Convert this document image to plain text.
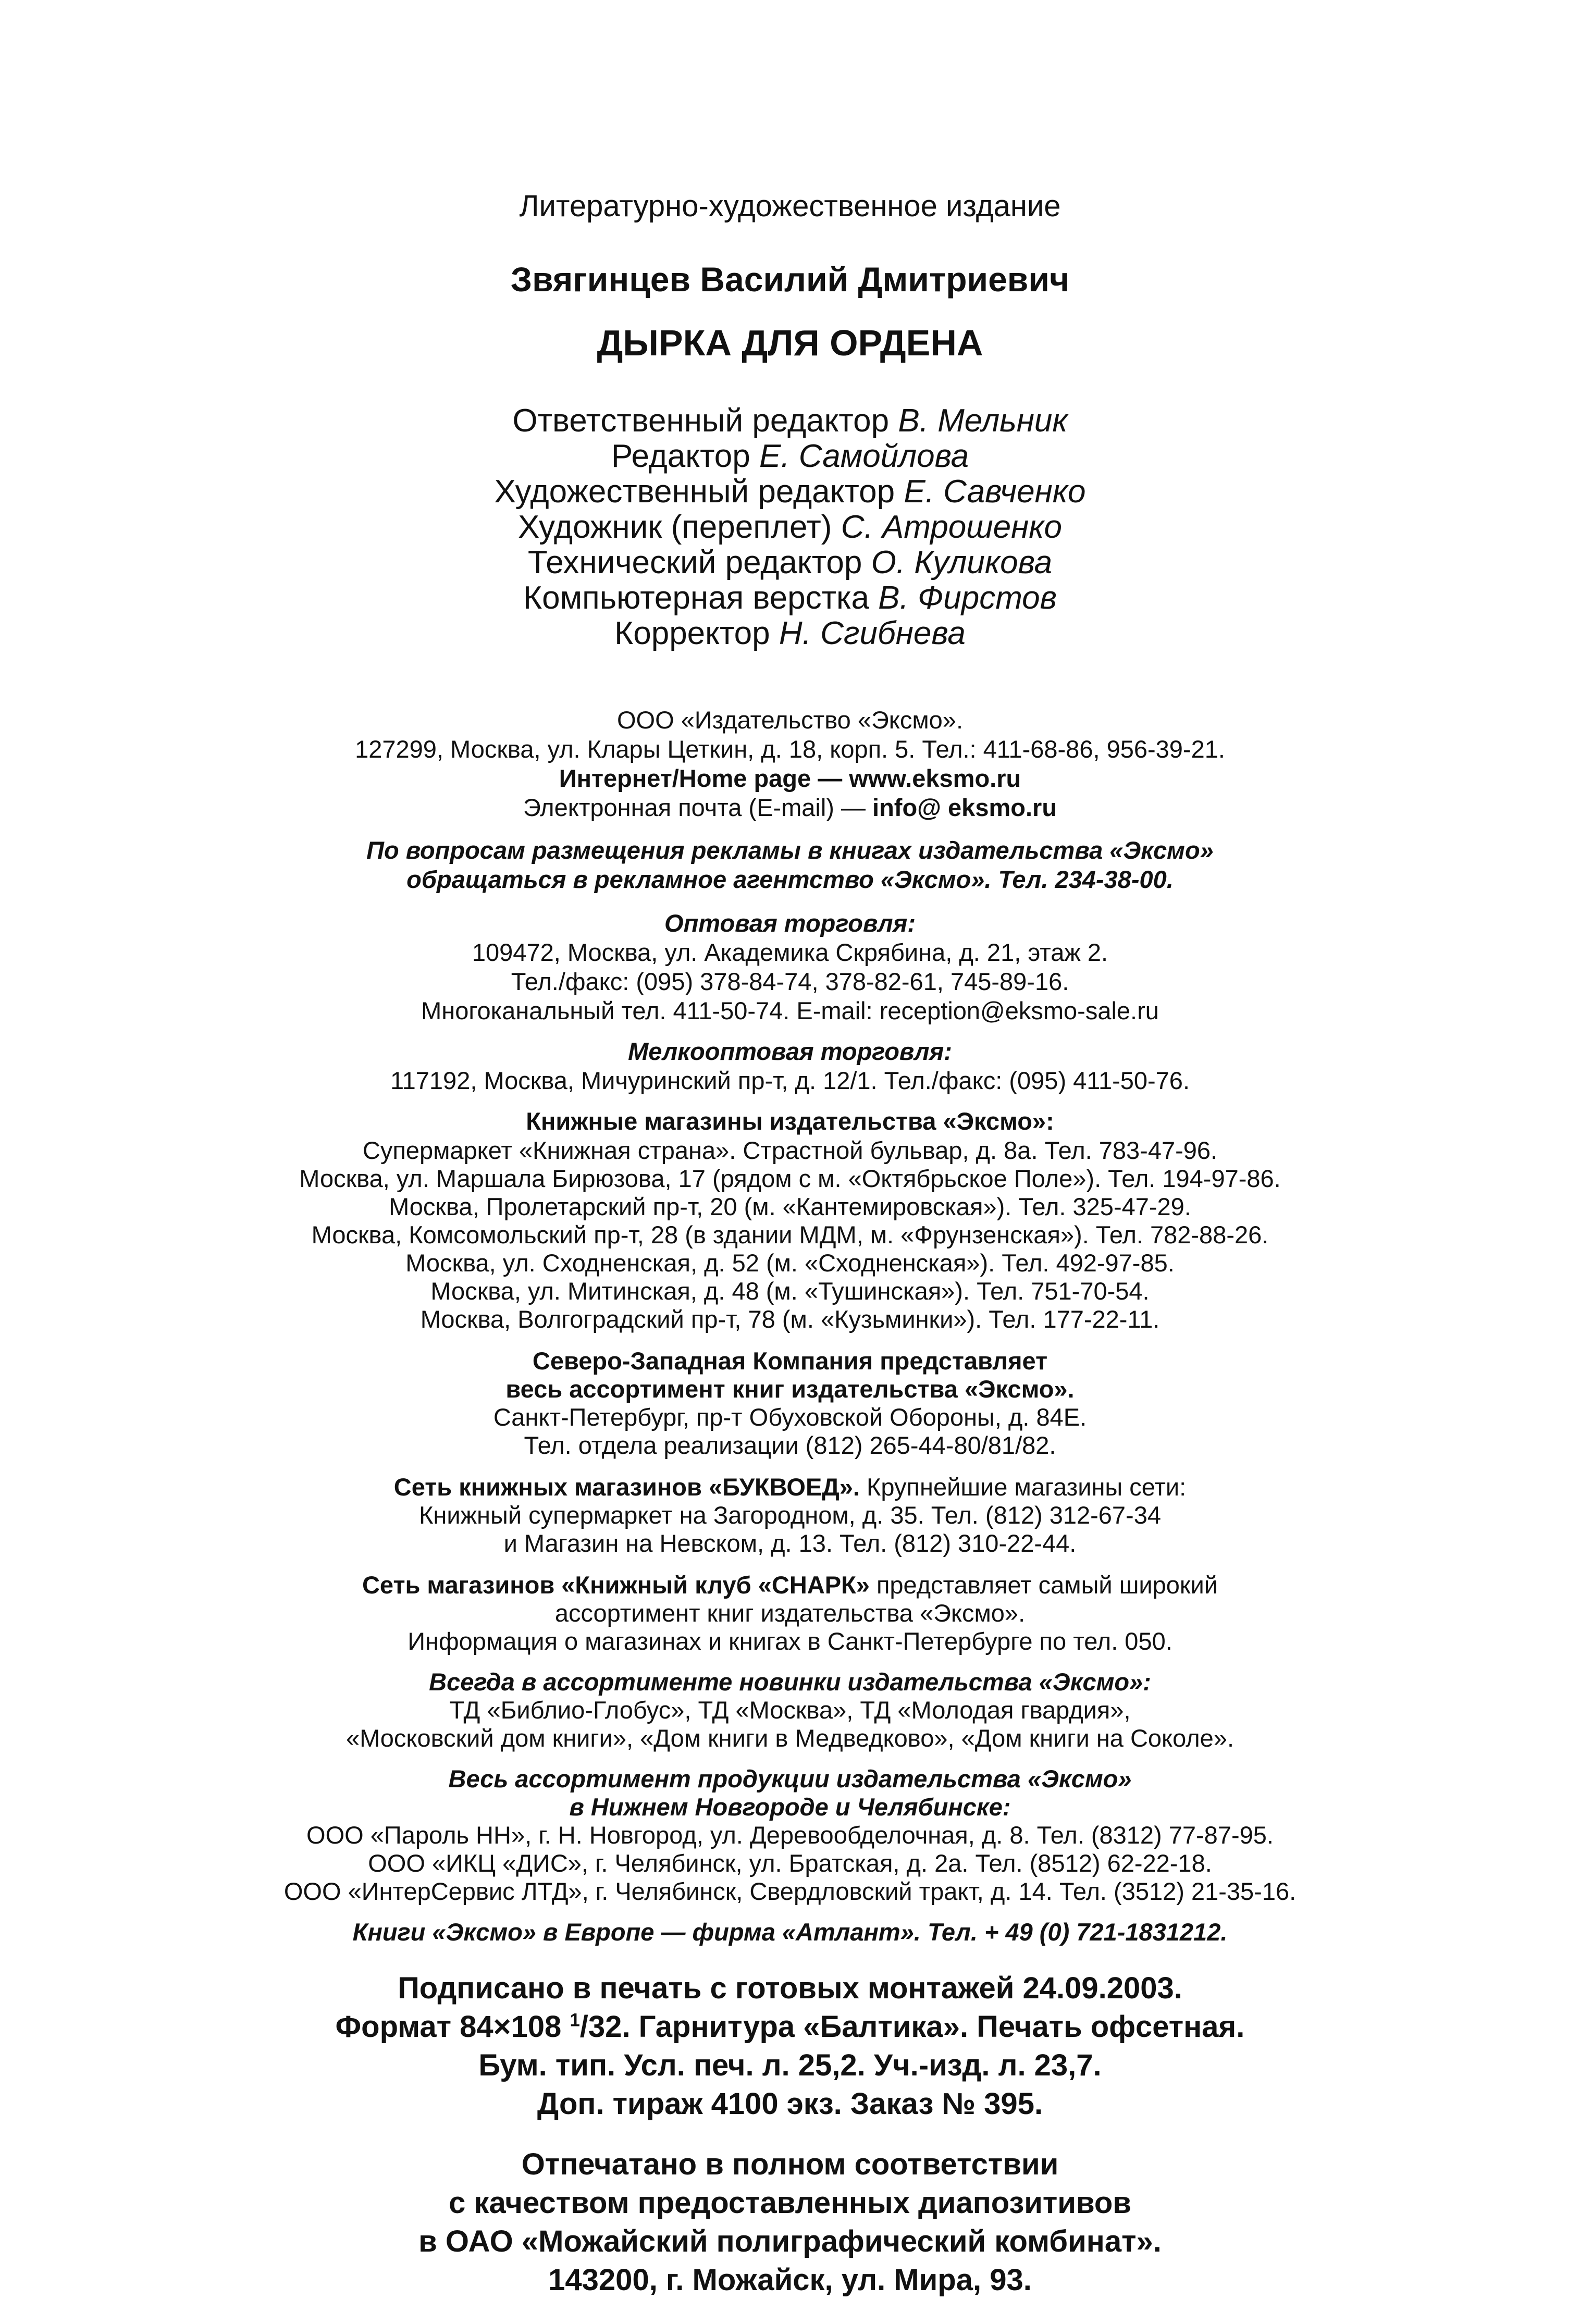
Литературно-художественное издание
Звягинцев Василий Дмитриевич
ДЫРКА ДЛЯ ОРДЕНА
Ответственный редактор В. Мельник
Редактор Е. Самойлова
Художественный редактор Е. Савченко
Художник (переплет) С. Атрошенко
Технический редактор О. Куликова
Компьютерная верстка В. Фирстов
Корректор Н. Сгибнева
ООО «Издательство «Эксмо».
127299, Москва, ул. Клары Цеткин, д. 18, корп. 5. Тел.: 411-68-86, 956-39-21.
Интернет/Home page — www.eksmo.ru
Электронная почта (E-mail) — info@ eksmo.ru
По вопросам размещения рекламы в книгах издательства «Эксмо»
обращаться в рекламное агентство «Эксмо». Тел. 234-38-00.
Оптовая торговля:
109472, Москва, ул. Академика Скрябина, д. 21, этаж 2.
Тел./факс: (095) 378-84-74, 378-82-61, 745-89-16.
Многоканальный тел. 411-50-74. E-mail: reception@eksmo-sale.ru
Мелкооптовая торговля:
117192, Москва, Мичуринский пр-т, д. 12/1. Тел./факс: (095) 411-50-76.
Книжные магазины издательства «Эксмо»:
Супермаркет «Книжная страна». Страстной бульвар, д. 8а. Тел. 783-47-96.
Москва, ул. Маршала Бирюзова, 17 (рядом с м. «Октябрьское Поле»). Тел. 194-97-86.
Москва, Пролетарский пр-т, 20 (м. «Кантемировская»). Тел. 325-47-29.
Москва, Комсомольский пр-т, 28 (в здании МДМ, м. «Фрунзенская»). Тел. 782-88-26.
Москва, ул. Сходненская, д. 52 (м. «Сходненская»). Тел. 492-97-85.
Москва, ул. Митинская, д. 48 (м. «Тушинская»). Тел. 751-70-54.
Москва, Волгоградский пр-т, 78 (м. «Кузьминки»). Тел. 177-22-11.
Северо-Западная Компания представляет
весь ассортимент книг издательства «Эксмо».
Санкт-Петербург, пр-т Обуховской Обороны, д. 84Е.
Тел. отдела реализации (812) 265-44-80/81/82.
Сеть книжных магазинов «БУКВОЕД». Крупнейшие магазины сети:
Книжный супермаркет на Загородном, д. 35. Тел. (812) 312-67-34
и Магазин на Невском, д. 13. Тел. (812) 310-22-44.
Сеть магазинов «Книжный клуб «СНАРК» представляет самый широкий
ассортимент книг издательства «Эксмо».
Информация о магазинах и книгах в Санкт-Петербурге по тел. 050.
Всегда в ассортименте новинки издательства «Эксмо»:
ТД «Библио-Глобус», ТД «Москва», ТД «Молодая гвардия»,
«Московский дом книги», «Дом книги в Медведково», «Дом книги на Соколе».
Весь ассортимент продукции издательства «Эксмо»
в Нижнем Новгороде и Челябинске:
ООО «Пароль НН», г. Н. Новгород, ул. Деревообделочная, д. 8. Тел. (8312) 77-87-95.
ООО «ИКЦ «ДИС», г. Челябинск, ул. Братская, д. 2а. Тел. (8512) 62-22-18.
ООО «ИнтерСервис ЛТД», г. Челябинск, Свердловский тракт, д. 14. Тел. (3512) 21-35-16.
Книги «Эксмо» в Европе — фирма «Атлант». Тел. + 49 (0) 721-1831212.
Подписано в печать с готовых монтажей 24.09.2003.
Формат 84×108 $^1$/32. Гарнитура «Балтика». Печать офсетная.
Бум. тип. Усл. печ. л. 25,2. Уч.-изд. л. 23,7.
Доп. тираж 4100 экз. Заказ № 395.
Отпечатано в полном соответствии
с качеством предоставленных диапозитивов
в ОАО «Можайский полиграфический комбинат».
143200, г. Можайск, ул. Мира, 93.
